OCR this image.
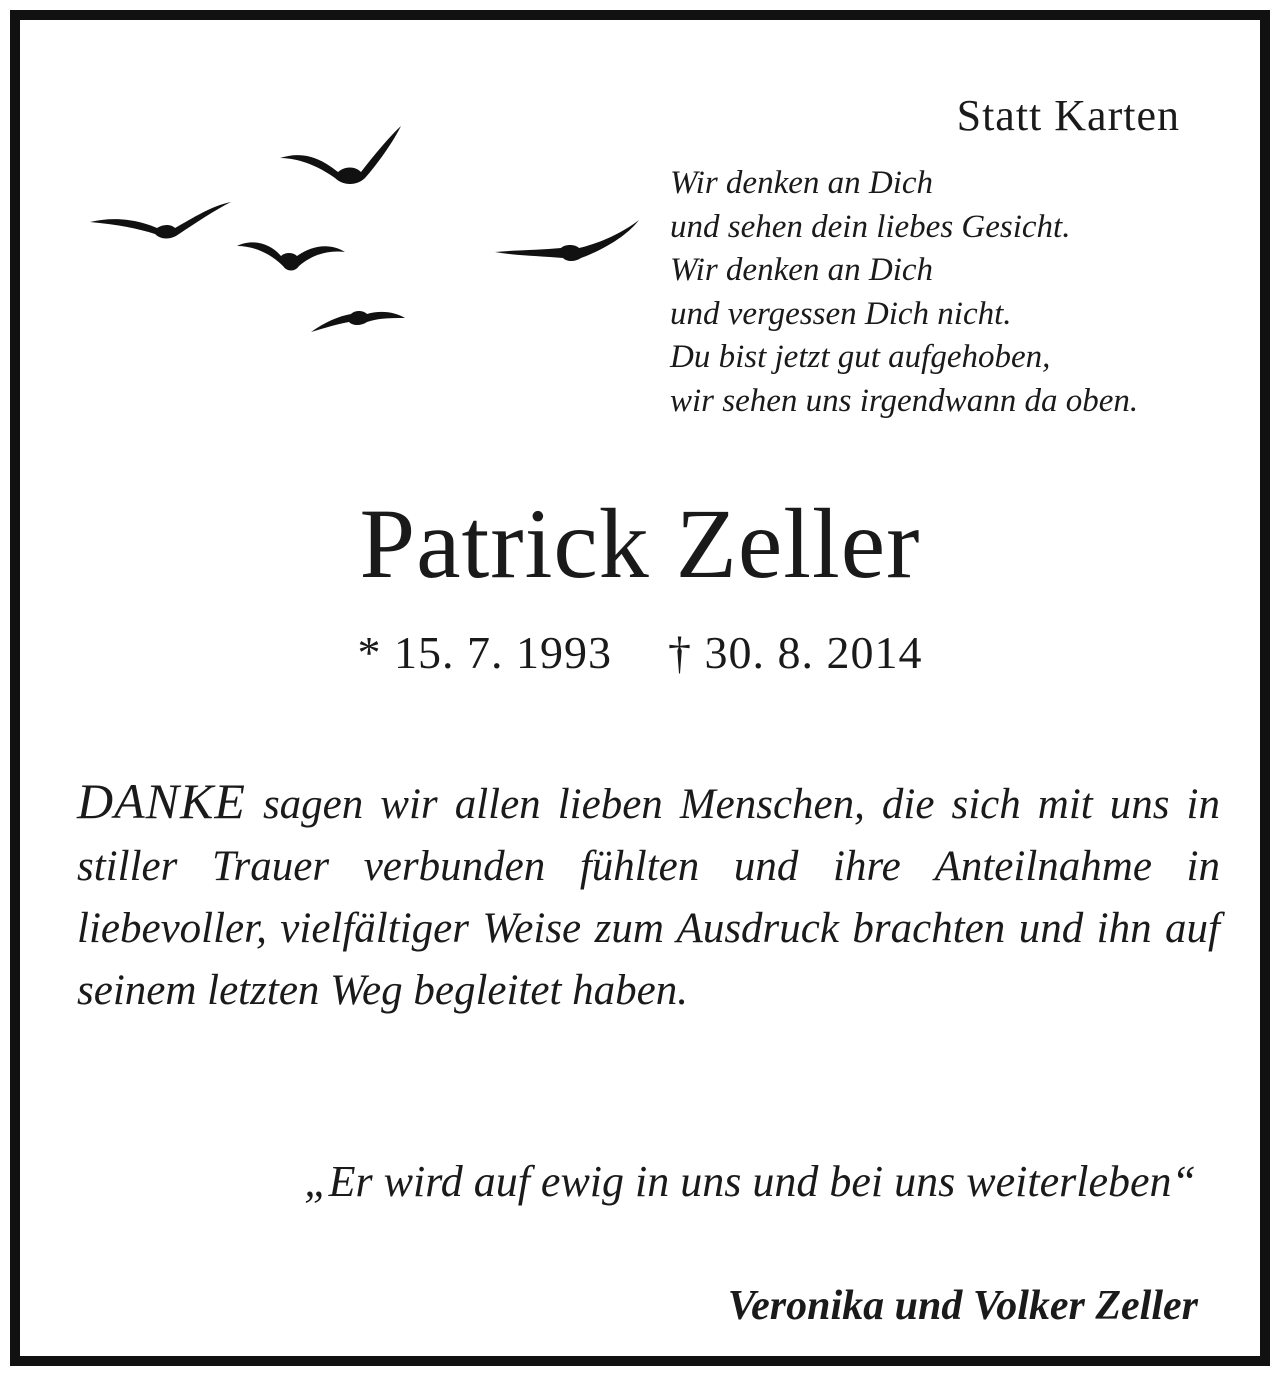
Statt Karten
Wir denken an Dich
und sehen dein liebes Gesicht.
Wir denken an Dich
und vergessen Dich nicht.
Du bist jetzt gut aufgehoben,
wir sehen uns irgendwann da oben.
Patrick Zeller
* 15. 7. 1993 † 30. 8. 2014

DANKE sagen wir allen lieben Menschen, die sich mit uns in stiller Trauer verbunden fühlten und ihre Anteilnahme in liebevoller, vielfältiger Weise zum Ausdruck brachten und ihn auf seinem letzten Weg begleitet haben.

„Er wird auf ewig in uns und bei uns weiterleben“

Veronika und Volker Zeller
